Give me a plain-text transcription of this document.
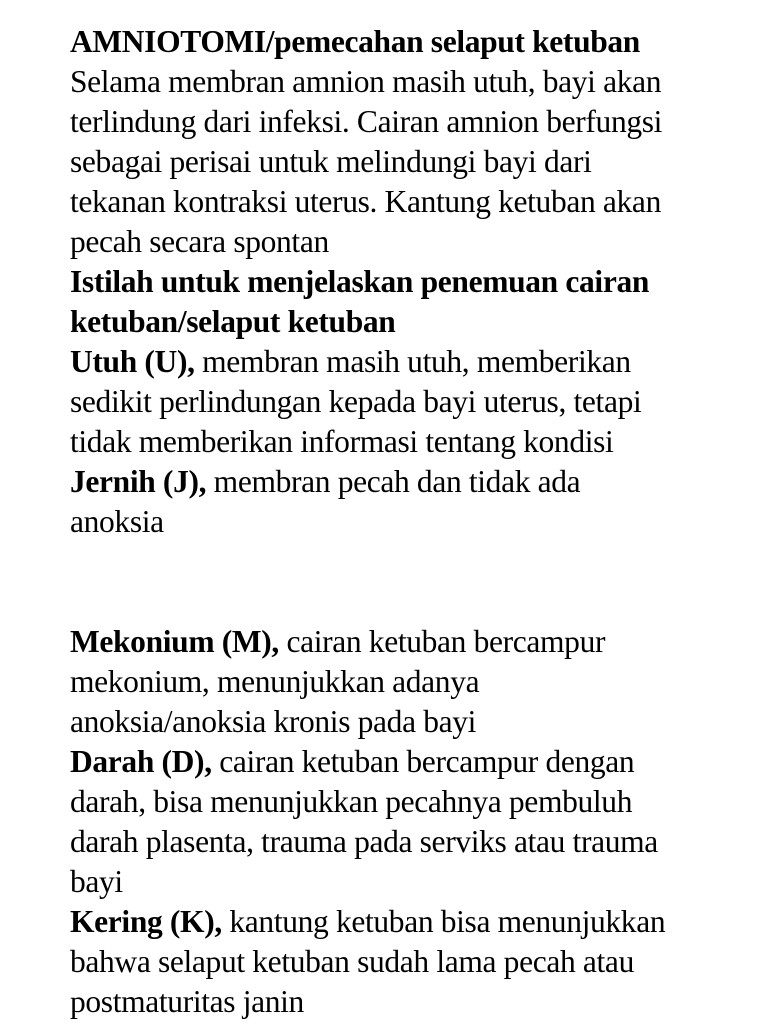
AMNIOTOMI/pemecahan selaput ketuban
Selama membran amnion masih utuh, bayi akan
terlindung dari infeksi. Cairan amnion berfungsi
sebagai perisai untuk melindungi bayi dari
tekanan kontraksi uterus. Kantung ketuban akan
pecah secara spontan
Istilah untuk menjelaskan penemuan cairan
ketuban/selaput ketuban
Utuh (U), membran masih utuh, memberikan
sedikit perlindungan kepada bayi uterus, tetapi
tidak memberikan informasi tentang kondisi
Jernih (J), membran pecah dan tidak ada
anoksia
Mekonium (M), cairan ketuban bercampur
mekonium, menunjukkan adanya
anoksia/anoksia kronis pada bayi
Darah (D), cairan ketuban bercampur dengan
darah, bisa menunjukkan pecahnya pembuluh
darah plasenta, trauma pada serviks atau trauma
bayi
Kering (K), kantung ketuban bisa menunjukkan
bahwa selaput ketuban sudah lama pecah atau
postmaturitas janin
